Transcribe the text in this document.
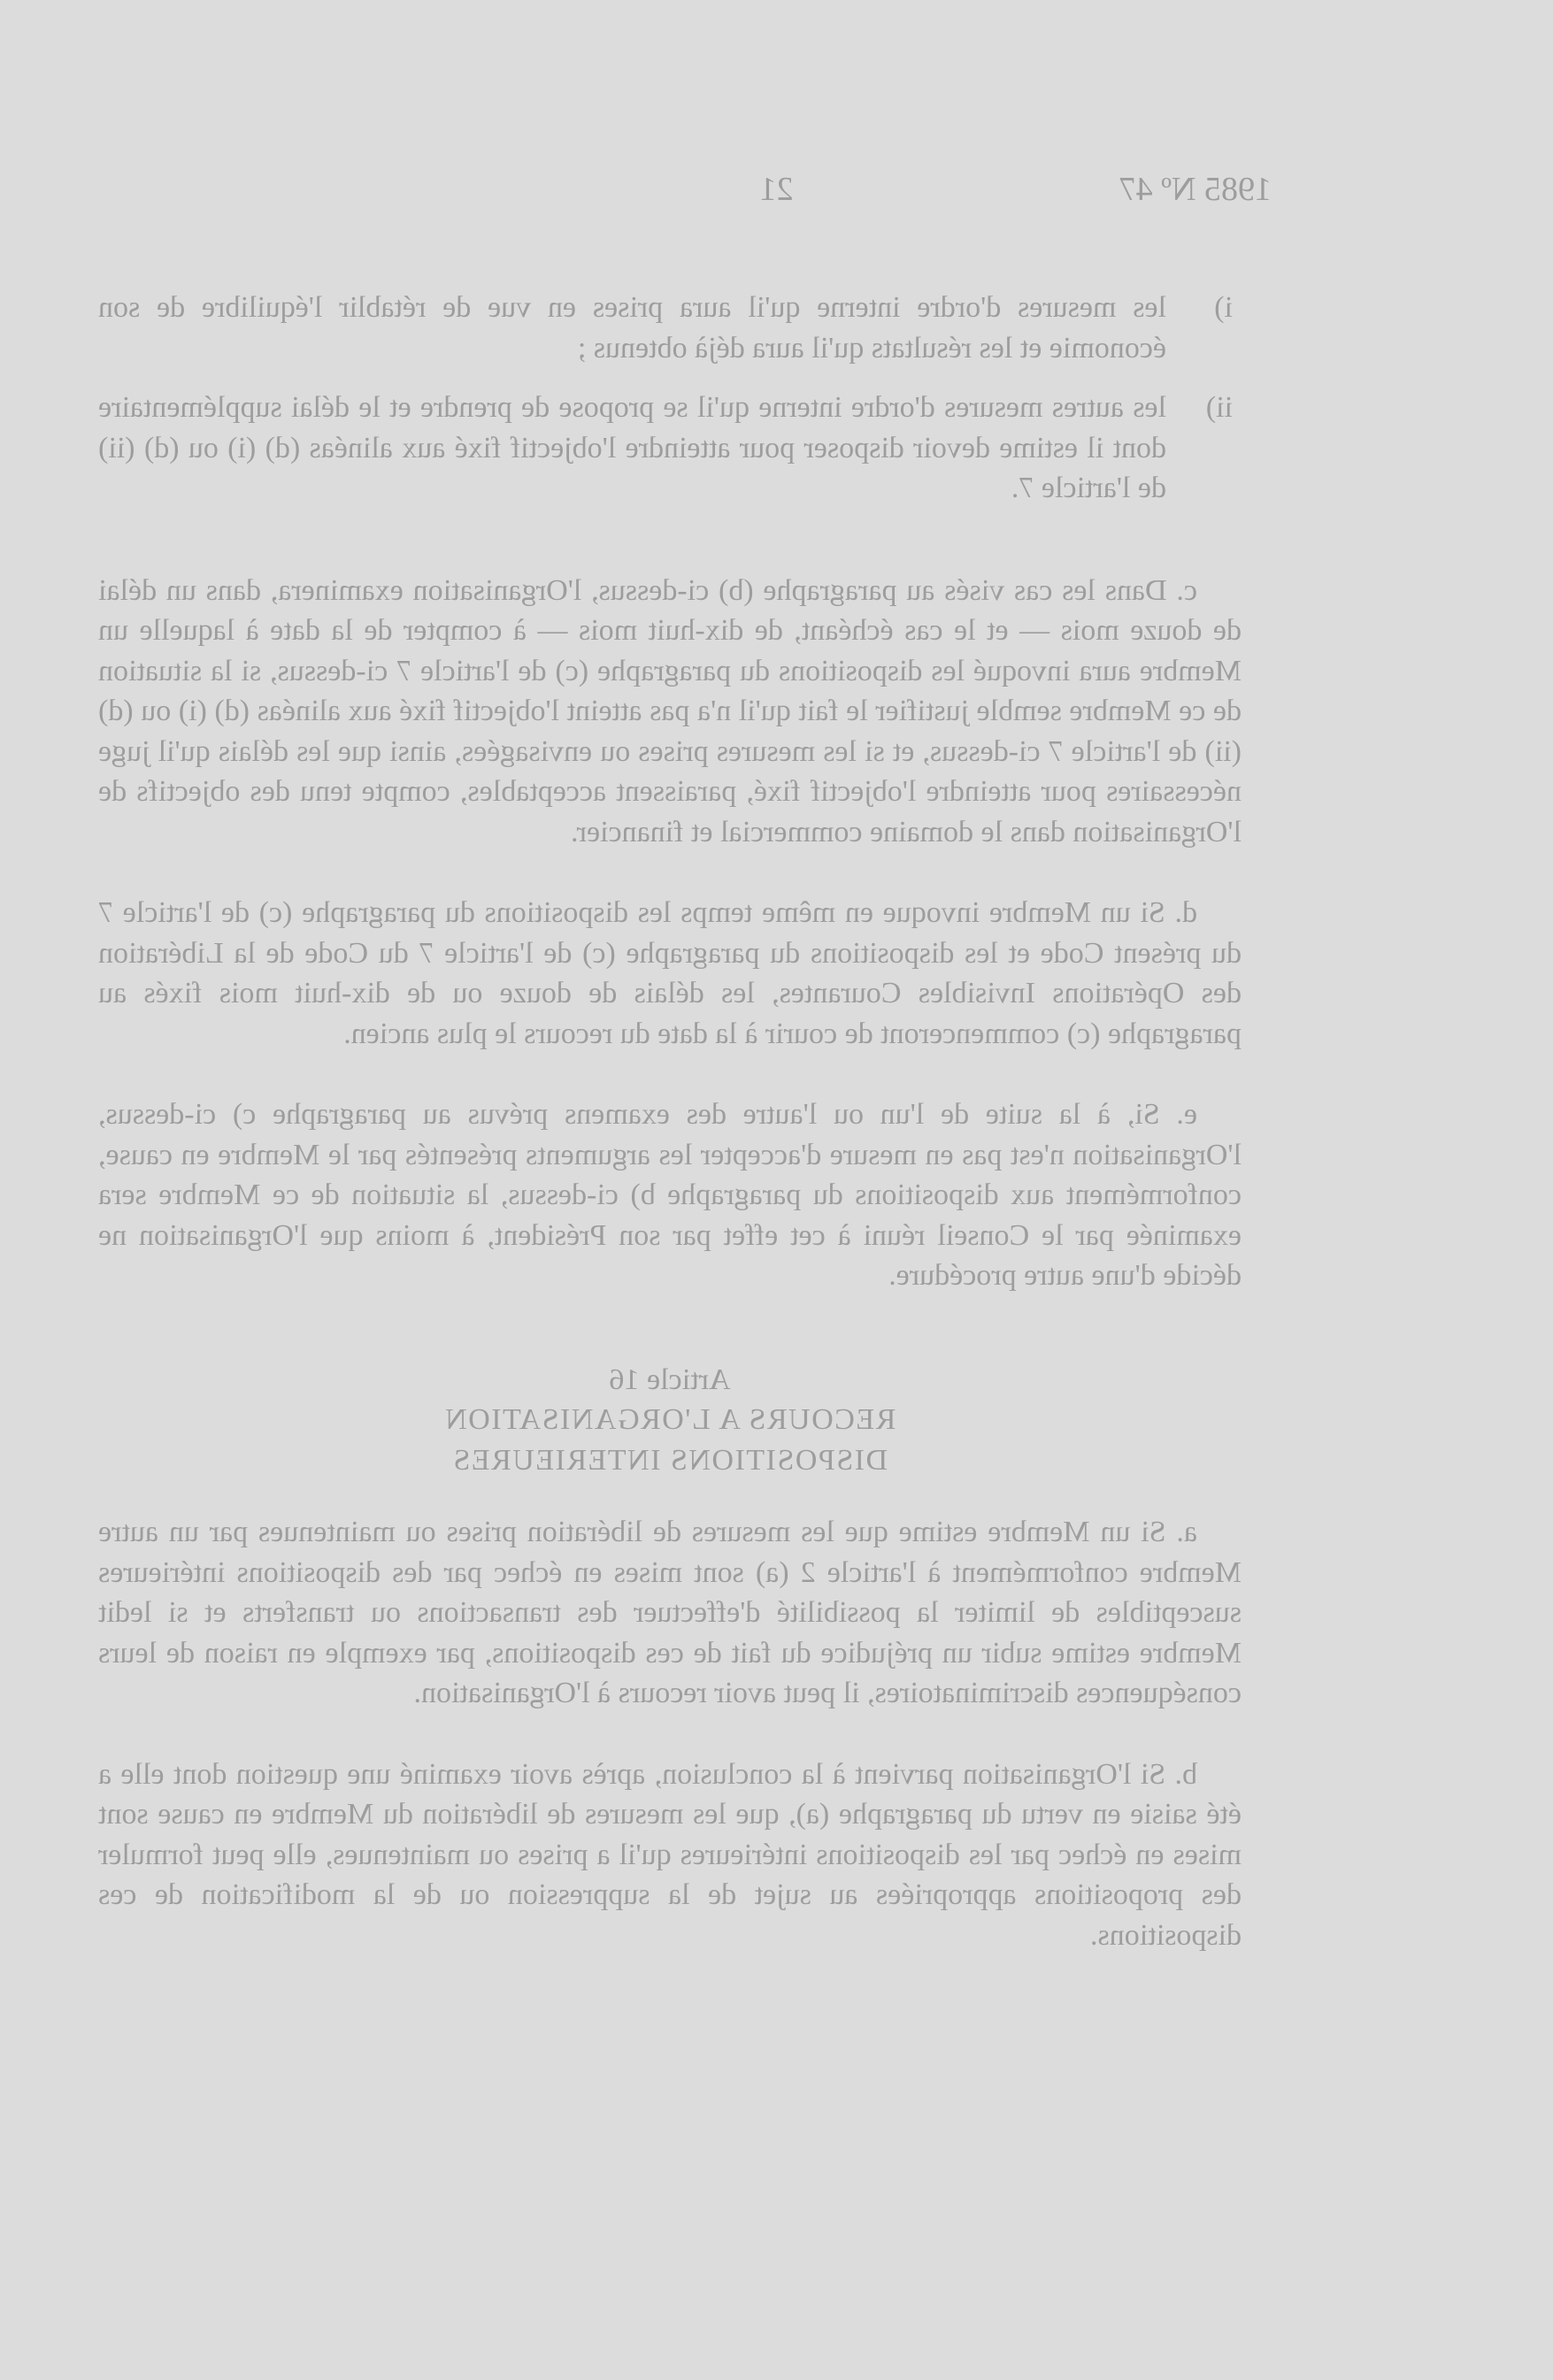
21	1985 Nº 47
i)

les mesures d'ordre interne qu'il aura prises en vue de rétablir l'équilibre de son économie et les résultats qu'il aura déjà obtenus ;

ii)

les autres mesures d'ordre interne qu'il se propose de prendre et le délai supplémentaire dont il estime devoir disposer pour atteindre l'objectif fixé aux alinéas (d) (i) ou (d) (ii) de l'article 7.

c. Dans les cas visés au paragraphe (b) ci-dessus, l'Organisation examinera, dans un délai de douze mois — et le cas échéant, de dix-huit mois — à compter de la date à laquelle un Membre aura invoqué les dispositions du paragraphe (c) de l'article 7 ci-dessus, si la situation de ce Membre semble justifier le fait qu'il n'a pas atteint l'objectif fixé aux alinéas (d) (i) ou (d) (ii) de l'article 7 ci-dessus, et si les mesures prises ou envisagées, ainsi que les délais qu'il juge nécessaires pour atteindre l'objectif fixé, paraissent acceptables, compte tenu des objectifs de l'Organisation dans le domaine commercial et financier.

d. Si un Membre invoque en même temps les dispositions du paragraphe (c) de l'article 7 du présent Code et les dispositions du paragraphe (c) de l'article 7 du Code de la Libération des Opérations Invisibles Courantes, les délais de douze ou de dix-huit mois fixés au paragraphe (c) commenceront de courir à la date du recours le plus ancien.

e. Si, à la suite de l'un ou l'autre des examens prévus au paragraphe c) ci-dessus, l'Organisation n'est pas en mesure d'accepter les arguments présentés par le Membre en cause, conformément aux dispositions du paragraphe b) ci-dessus, la situation de ce Membre sera examinée par le Conseil réuni à cet effet par son Président, à moins que l'Organisation ne décide d'une autre procédure.

Article 16

RECOURS A L'ORGANISATION

DISPOSITIONS INTERIEURES

a. Si un Membre estime que les mesures de libération prises ou maintenues par un autre Membre conformément à l'article 2 (a) sont mises en échec par des dispositions intérieures susceptibles de limiter la possibilité d'effectuer des transactions ou transferts et si ledit Membre estime subir un préjudice du fait de ces dispositions, par exemple en raison de leurs conséquences discriminatoires, il peut avoir recours à l'Organisation.

b. Si l'Organisation parvient à la conclusion, après avoir examiné une question dont elle a été saisie en vertu du paragraphe (a), que les mesures de libération du Membre en cause sont mises en échec par les dispositions intérieures qu'il a prises ou maintenues, elle peut formuler des propositions appropriées au sujet de la suppression ou de la modification de ces dispositions.
